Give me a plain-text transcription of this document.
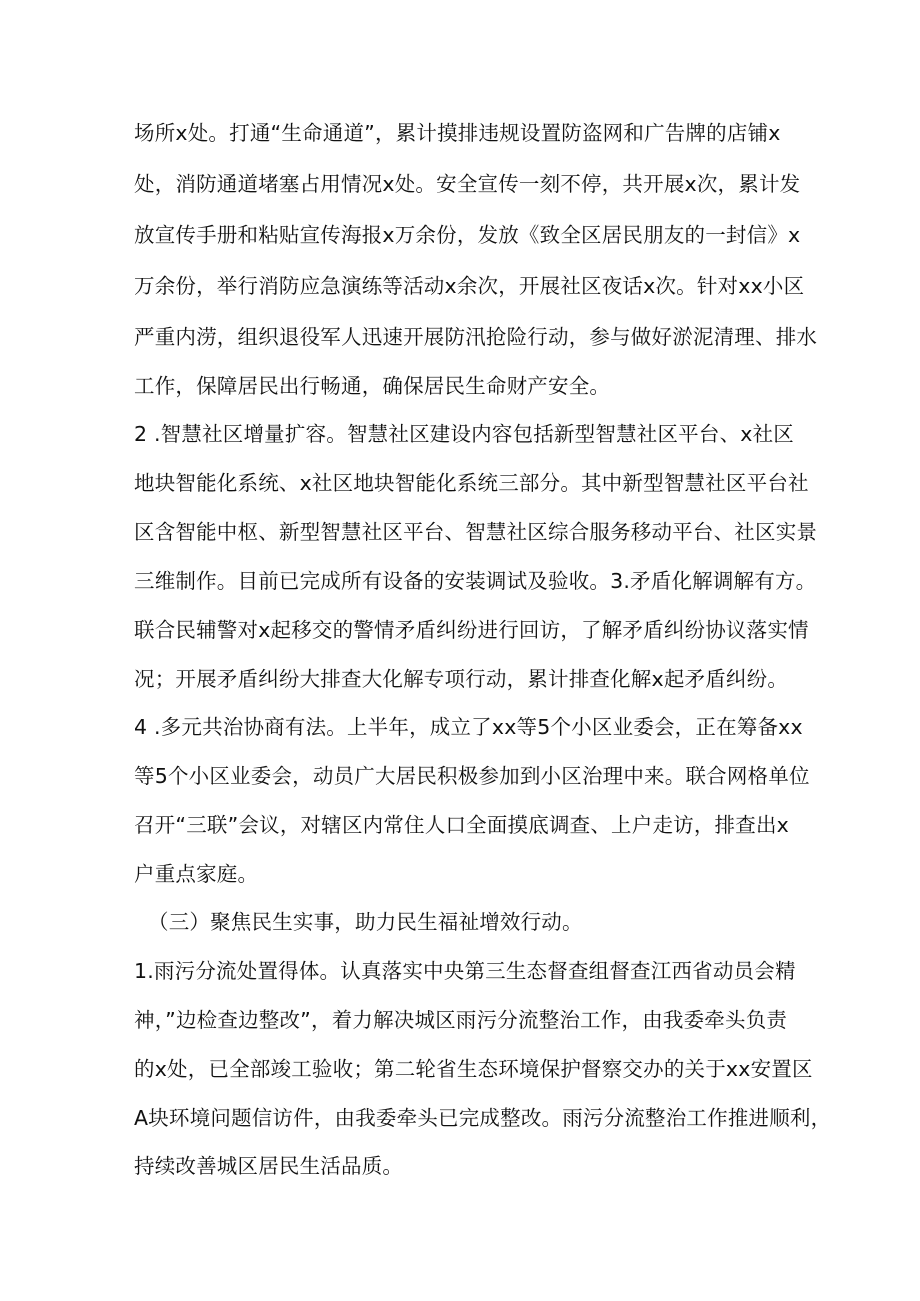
场所x处。打通“生命通道”，累计摸排违规设置防盗网和广告牌的店铺x
处，消防通道堵塞占用情况x处。安全宣传一刻不停，共开展x次，累计发
放宣传手册和粘贴宣传海报x万余份，发放《致全区居民朋友的一封信》x
万余份，举行消防应急演练等活动x余次，开展社区夜话x次。针对xx小区
严重内涝，组织退役军人迅速开展防汛抢险行动，参与做好淤泥清理、排水
工作，保障居民出行畅通，确保居民生命财产安全。
2 .智慧社区增量扩容。智慧社区建设内容包括新型智慧社区平台、x社区
地块智能化系统、x社区地块智能化系统三部分。其中新型智慧社区平台社
区含智能中枢、新型智慧社区平台、智慧社区综合服务移动平台、社区实景
三维制作。目前已完成所有设备的安装调试及验收。3.矛盾化解调解有方。
联合民辅警对x起移交的警情矛盾纠纷进行回访，了解矛盾纠纷协议落实情
况；开展矛盾纠纷大排查大化解专项行动，累计排查化解x起矛盾纠纷。
4 .多元共治协商有法。上半年，成立了xx等5个小区业委会，正在筹备xx
等5个小区业委会，动员广大居民积极参加到小区治理中来。联合网格单位
召开“三联”会议，对辖区内常住人口全面摸底调查、上户走访，排查出x
户重点家庭。
（三）聚焦民生实事，助力民生福祉增效行动。
1.雨污分流处置得体。认真落实中央第三生态督查组督查江西省动员会精
神，”边检查边整改”，着力解决城区雨污分流整治工作，由我委牵头负责
的x处，已全部竣工验收；第二轮省生态环境保护督察交办的关于xx安置区
A块环境问题信访件，由我委牵头已完成整改。雨污分流整治工作推进顺利，
持续改善城区居民生活品质。
